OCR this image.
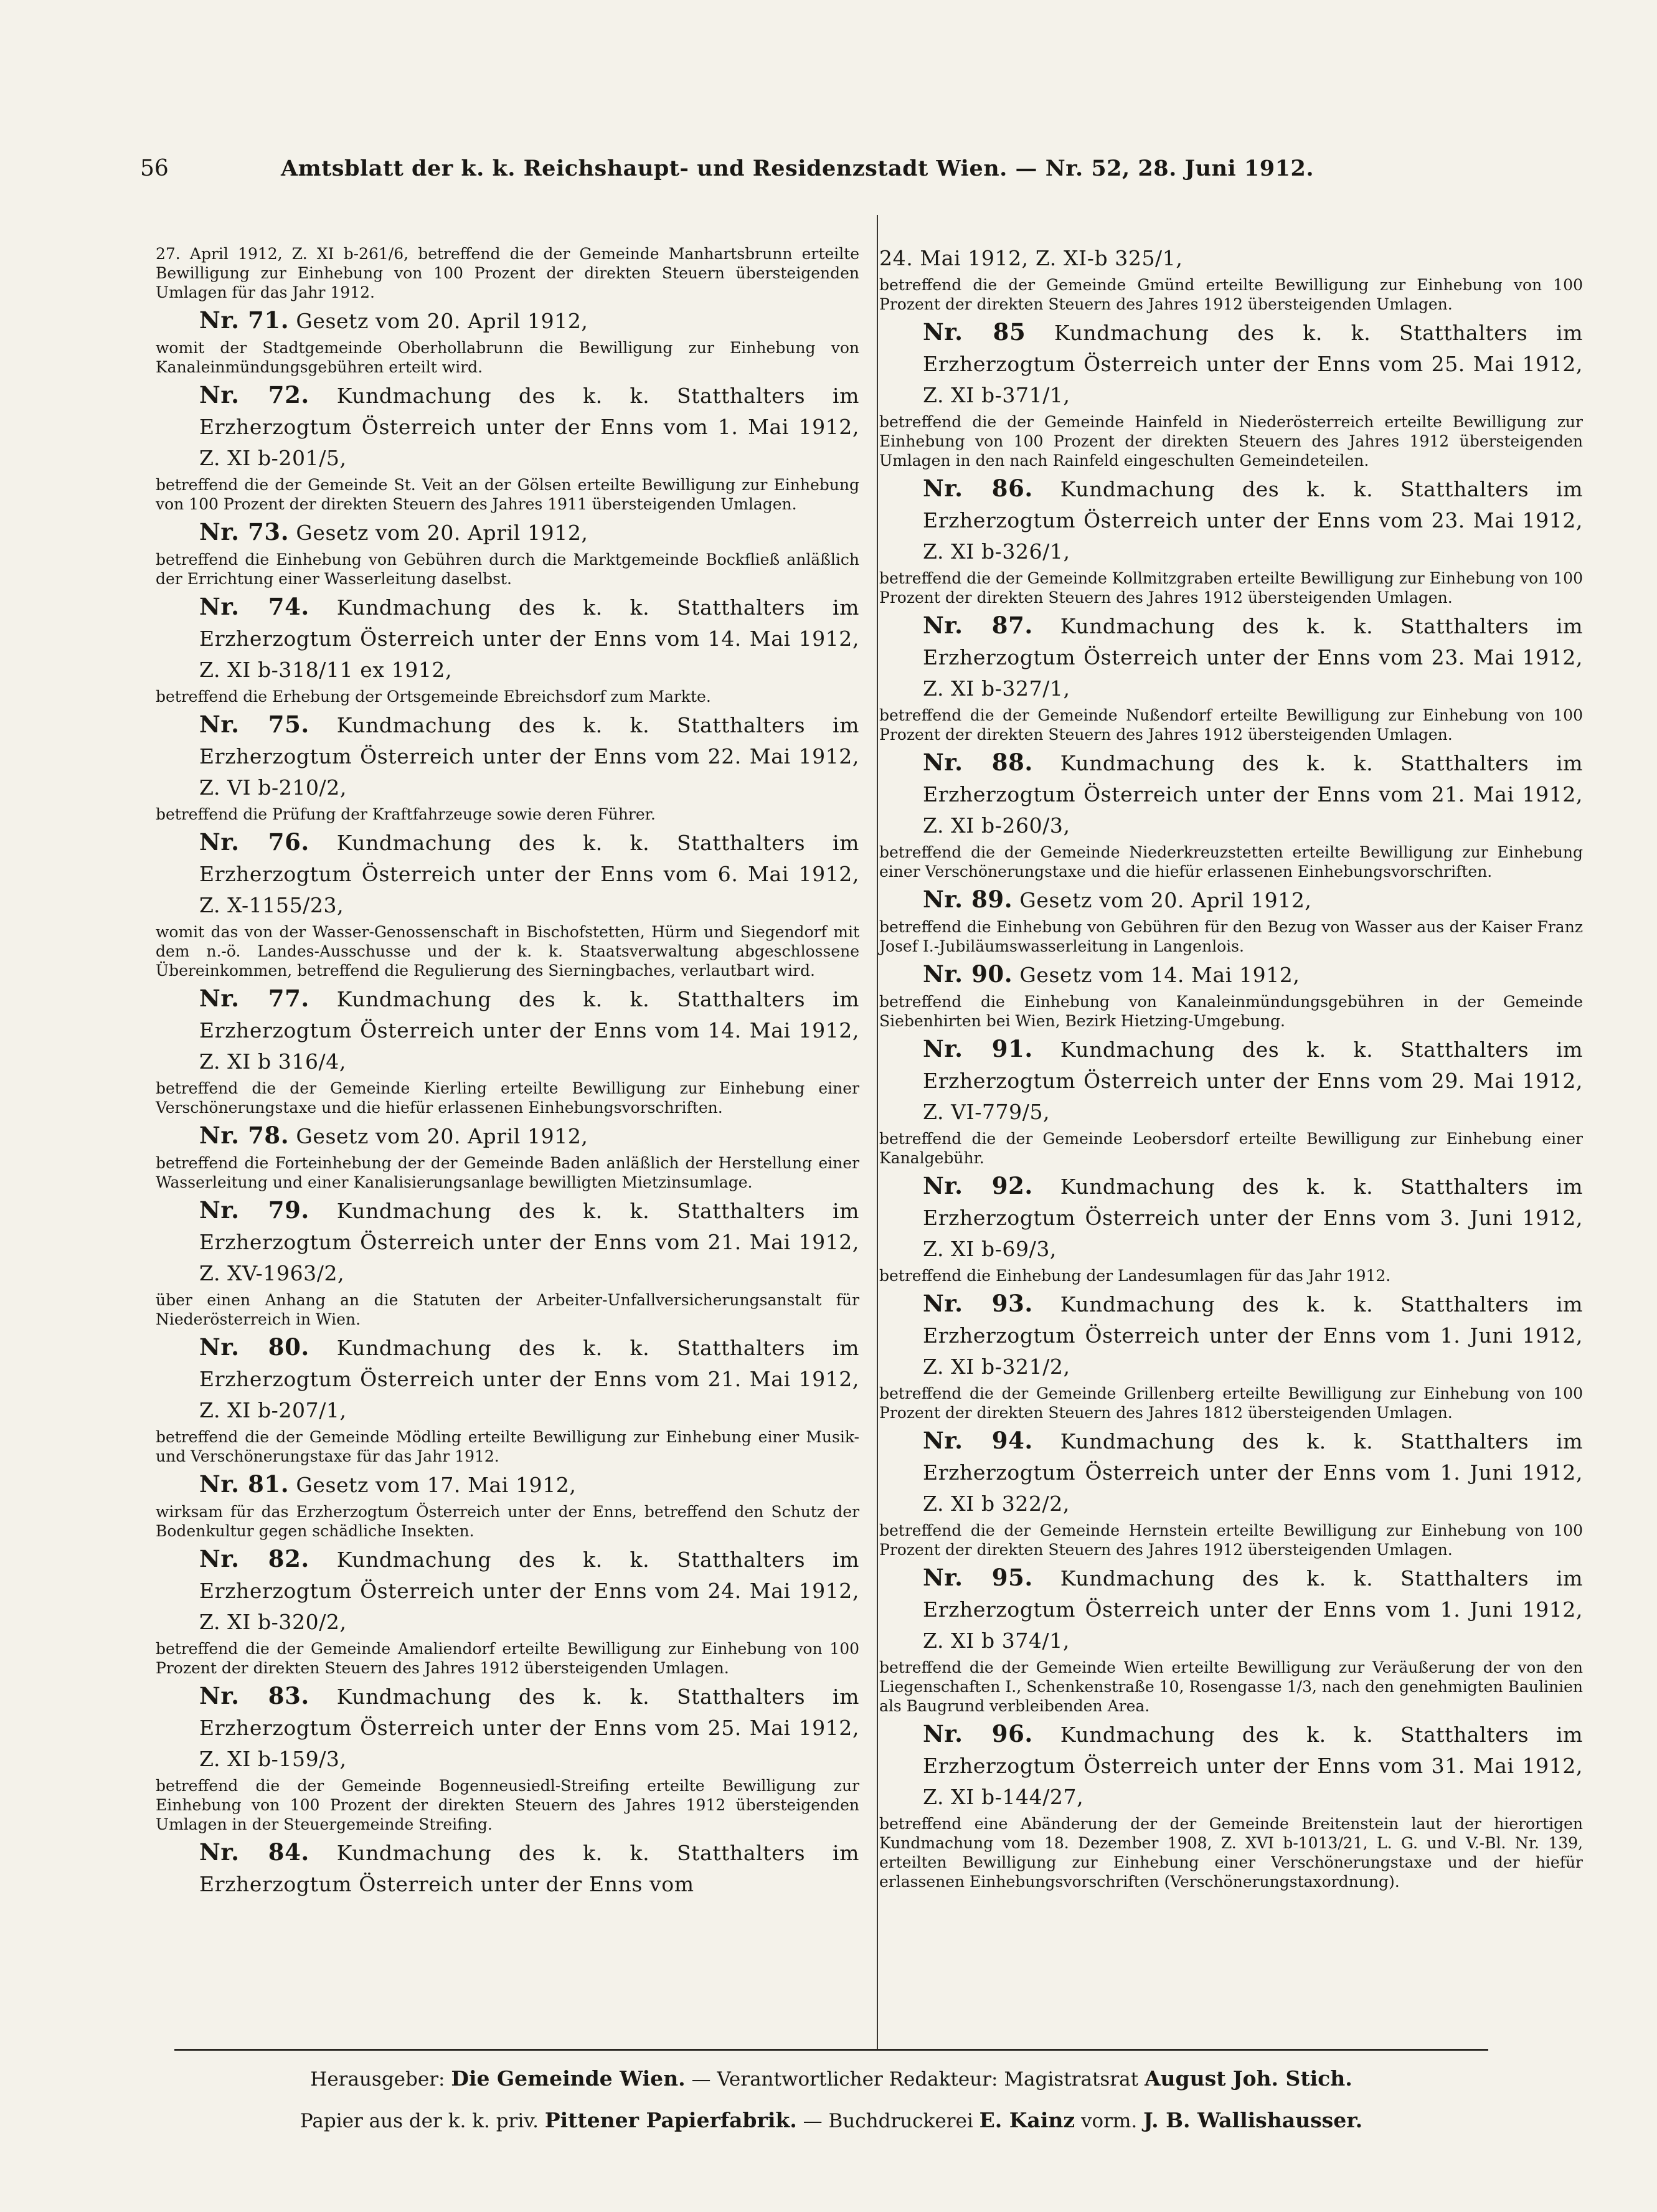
56	Amtsblatt der k. k. Reichshaupt- und Residenzstadt Wien. — Nr. 52, 28. Juni 1912.
27. April 1912, Z. XI b-261/6, betreffend die der Gemeinde Manhartsbrunn erteilte Bewilligung zur Einhebung von 100 Prozent der direkten Steuern übersteigenden Umlagen für das Jahr 1912.
Nr. 71. Gesetz vom 20. April 1912,
womit der Stadtgemeinde Oberhollabrunn die Bewilligung zur Einhebung von Kanaleinmündungsgebühren erteilt wird.
Nr. 72. Kundmachung des k. k. Statthalters im Erzherzogtum Österreich unter der Enns vom 1. Mai 1912, Z. XI b-201/5,
betreffend die der Gemeinde St. Veit an der Gölsen erteilte Bewilligung zur Einhebung von 100 Prozent der direkten Steuern des Jahres 1911 übersteigenden Umlagen.
Nr. 73. Gesetz vom 20. April 1912,
betreffend die Einhebung von Gebühren durch die Marktgemeinde Bockfließ anläßlich der Errichtung einer Wasserleitung daselbst.
Nr. 74. Kundmachung des k. k. Statthalters im Erzherzogtum Österreich unter der Enns vom 14. Mai 1912, Z. XI b-318/11 ex 1912,
betreffend die Erhebung der Ortsgemeinde Ebreichsdorf zum Markte.
Nr. 75. Kundmachung des k. k. Statthalters im Erzherzogtum Österreich unter der Enns vom 22. Mai 1912, Z. VI b-210/2,
betreffend die Prüfung der Kraftfahrzeuge sowie deren Führer.
Nr. 76. Kundmachung des k. k. Statthalters im Erzherzogtum Österreich unter der Enns vom 6. Mai 1912, Z. X-1155/23,
womit das von der Wasser-Genossenschaft in Bischofstetten, Hürm und Siegendorf mit dem n.-ö. Landes-Ausschusse und der k. k. Staatsverwaltung abgeschlossene Übereinkommen, betreffend die Regulierung des Sierningbaches, verlautbart wird.
Nr. 77. Kundmachung des k. k. Statthalters im Erzherzogtum Österreich unter der Enns vom 14. Mai 1912, Z. XI b 316/4,
betreffend die der Gemeinde Kierling erteilte Bewilligung zur Einhebung einer Verschönerungstaxe und die hiefür erlassenen Einhebungsvorschriften.
Nr. 78. Gesetz vom 20. April 1912,
betreffend die Forteinhebung der der Gemeinde Baden anläßlich der Herstellung einer Wasserleitung und einer Kanalisierungsanlage bewilligten Mietzinsumlage.
Nr. 79. Kundmachung des k. k. Statthalters im Erzherzogtum Österreich unter der Enns vom 21. Mai 1912, Z. XV-1963/2,
über einen Anhang an die Statuten der Arbeiter-Unfallversicherungsanstalt für Niederösterreich in Wien.
Nr. 80. Kundmachung des k. k. Statthalters im Erzherzogtum Österreich unter der Enns vom 21. Mai 1912, Z. XI b-207/1,
betreffend die der Gemeinde Mödling erteilte Bewilligung zur Einhebung einer Musik- und Verschönerungstaxe für das Jahr 1912.
Nr. 81. Gesetz vom 17. Mai 1912,
wirksam für das Erzherzogtum Österreich unter der Enns, betreffend den Schutz der Bodenkultur gegen schädliche Insekten.
Nr. 82. Kundmachung des k. k. Statthalters im Erzherzogtum Österreich unter der Enns vom 24. Mai 1912, Z. XI b-320/2,
betreffend die der Gemeinde Amaliendorf erteilte Bewilligung zur Einhebung von 100 Prozent der direkten Steuern des Jahres 1912 übersteigenden Umlagen.
Nr. 83. Kundmachung des k. k. Statthalters im Erzherzogtum Österreich unter der Enns vom 25. Mai 1912, Z. XI b-159/3,
betreffend die der Gemeinde Bogenneusiedl-Streifing erteilte Bewilligung zur Einhebung von 100 Prozent der direkten Steuern des Jahres 1912 übersteigenden Umlagen in der Steuergemeinde Streifing.
Nr. 84. Kundmachung des k. k. Statthalters im Erzherzogtum Österreich unter der Enns vom
24. Mai 1912, Z. XI-b 325/1,
betreffend die der Gemeinde Gmünd erteilte Bewilligung zur Einhebung von 100 Prozent der direkten Steuern des Jahres 1912 übersteigenden Umlagen.
Nr. 85 Kundmachung des k. k. Statthalters im Erzherzogtum Österreich unter der Enns vom 25. Mai 1912, Z. XI b-371/1,
betreffend die der Gemeinde Hainfeld in Niederösterreich erteilte Bewilligung zur Einhebung von 100 Prozent der direkten Steuern des Jahres 1912 übersteigenden Umlagen in den nach Rainfeld eingeschulten Gemeindeteilen.
Nr. 86. Kundmachung des k. k. Statthalters im Erzherzogtum Österreich unter der Enns vom 23. Mai 1912, Z. XI b-326/1,
betreffend die der Gemeinde Kollmitzgraben erteilte Bewilligung zur Einhebung von 100 Prozent der direkten Steuern des Jahres 1912 übersteigenden Umlagen.
Nr. 87. Kundmachung des k. k. Statthalters im Erzherzogtum Österreich unter der Enns vom 23. Mai 1912, Z. XI b-327/1,
betreffend die der Gemeinde Nußendorf erteilte Bewilligung zur Einhebung von 100 Prozent der direkten Steuern des Jahres 1912 übersteigenden Umlagen.
Nr. 88. Kundmachung des k. k. Statthalters im Erzherzogtum Österreich unter der Enns vom 21. Mai 1912, Z. XI b-260/3,
betreffend die der Gemeinde Niederkreuzstetten erteilte Bewilligung zur Einhebung einer Verschönerungstaxe und die hiefür erlassenen Einhebungsvorschriften.
Nr. 89. Gesetz vom 20. April 1912,
betreffend die Einhebung von Gebühren für den Bezug von Wasser aus der Kaiser Franz Josef I.-Jubiläumswasserleitung in Langenlois.
Nr. 90. Gesetz vom 14. Mai 1912,
betreffend die Einhebung von Kanaleinmündungsgebühren in der Gemeinde Siebenhirten bei Wien, Bezirk Hietzing-Umgebung.
Nr. 91. Kundmachung des k. k. Statthalters im Erzherzogtum Österreich unter der Enns vom 29. Mai 1912, Z. VI-779/5,
betreffend die der Gemeinde Leobersdorf erteilte Bewilligung zur Einhebung einer Kanalgebühr.
Nr. 92. Kundmachung des k. k. Statthalters im Erzherzogtum Österreich unter der Enns vom 3. Juni 1912, Z. XI b-69/3,
betreffend die Einhebung der Landesumlagen für das Jahr 1912.
Nr. 93. Kundmachung des k. k. Statthalters im Erzherzogtum Österreich unter der Enns vom 1. Juni 1912, Z. XI b-321/2,
betreffend die der Gemeinde Grillenberg erteilte Bewilligung zur Einhebung von 100 Prozent der direkten Steuern des Jahres 1812 übersteigenden Umlagen.
Nr. 94. Kundmachung des k. k. Statthalters im Erzherzogtum Österreich unter der Enns vom 1. Juni 1912, Z. XI b 322/2,
betreffend die der Gemeinde Hernstein erteilte Bewilligung zur Einhebung von 100 Prozent der direkten Steuern des Jahres 1912 übersteigenden Umlagen.
Nr. 95. Kundmachung des k. k. Statthalters im Erzherzogtum Österreich unter der Enns vom 1. Juni 1912, Z. XI b 374/1,
betreffend die der Gemeinde Wien erteilte Bewilligung zur Veräußerung der von den Liegenschaften I., Schenkenstraße 10, Rosengasse 1/3, nach den genehmigten Baulinien als Baugrund verbleibenden Area.
Nr. 96. Kundmachung des k. k. Statthalters im Erzherzogtum Österreich unter der Enns vom 31. Mai 1912, Z. XI b-144/27,
betreffend eine Abänderung der der Gemeinde Breitenstein laut der hierortigen Kundmachung vom 18. Dezember 1908, Z. XVI b-1013/21, L. G. und V.-Bl. Nr. 139, erteilten Bewilligung zur Einhebung einer Verschönerungstaxe und der hiefür erlassenen Einhebungsvorschriften (Verschönerungstaxordnung).
Herausgeber: Die Gemeinde Wien. — Verantwortlicher Redakteur: Magistratsrat August Joh. Stich.
Papier aus der k. k. priv. Pittener Papierfabrik. — Buchdruckerei E. Kainz vorm. J. B. Wallishausser.
